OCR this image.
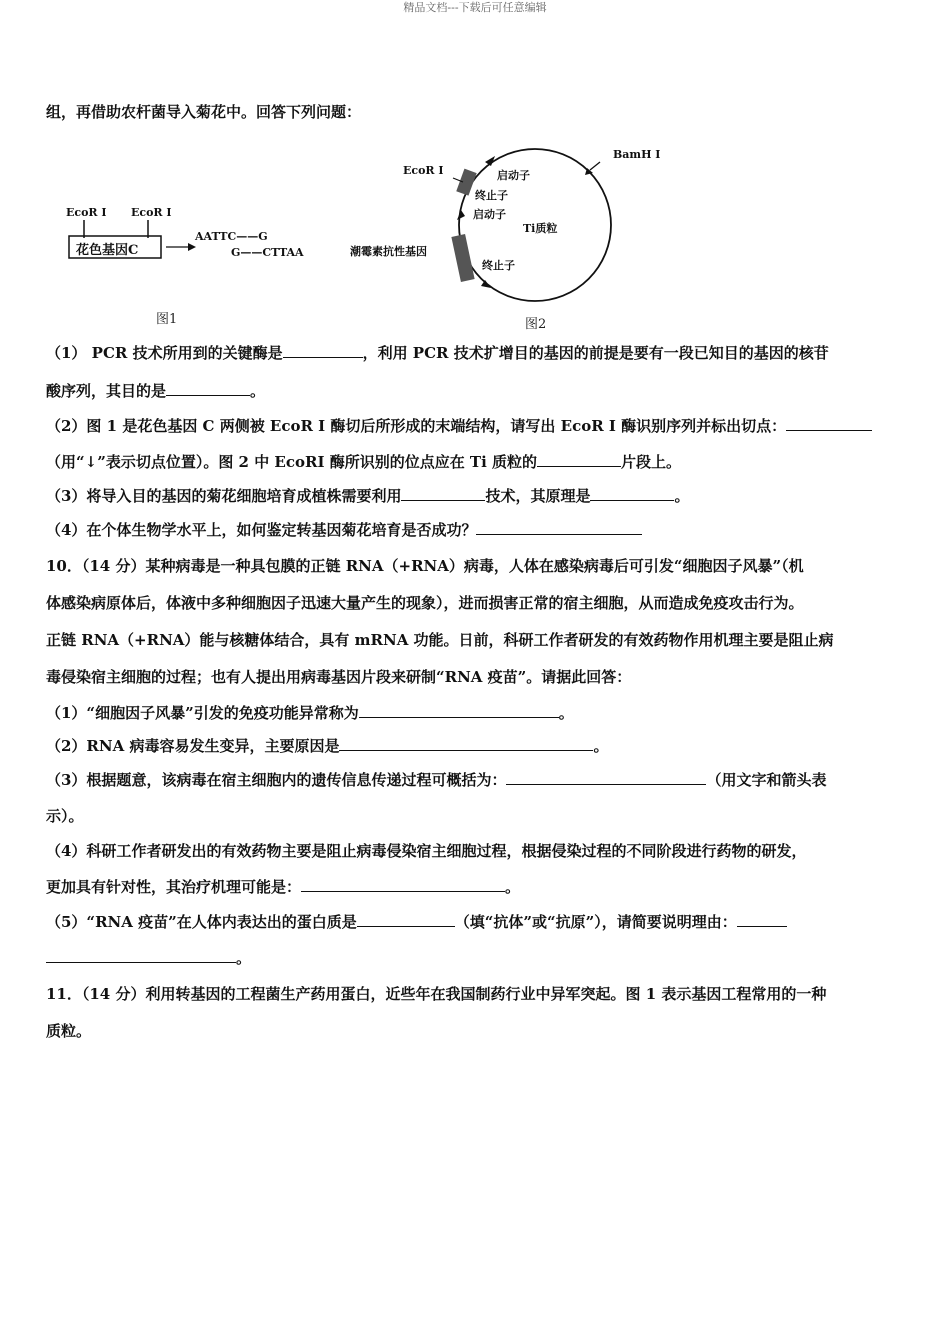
精品文档---下载后可任意编辑
组，再借助农杆菌导入菊花中。回答下列问题：
EcoR Ⅰ EcoR Ⅰ
花色基因C
AATTC——G
G——CTTAA
图1
EcoR Ⅰ
BamH Ⅰ
启动子
终止子
启动子
Ti质粒
潮霉素抗性基因
终止子
图2
（1） PCR 技术所用到的关键酶是	，利用 PCR 技术扩增目的基因的前提是要有一段已知目的基因的核苷
酸序列，其目的是	。
（2）图 1 是花色基因 C 两侧被 EcoR I 酶切后所形成的末端结构，请写出 EcoR I 酶识别序列并标出切点：
（用“↓”表示切点位置）。图 2 中 EcoRI 酶所识别的位点应在 Ti 质粒的	片段上。
（3）将导入目的基因的菊花细胞培育成植株需要利用	技术，其原理是	。
（4）在个体生物学水平上，如何鉴定转基因菊花培育是否成功？
10．（14 分）某种病毒是一种具包膜的正链 RNA（+RNA）病毒，人体在感染病毒后可引发“细胞因子风暴”（机
体感染病原体后，体液中多种细胞因子迅速大量产生的现象），进而损害正常的宿主细胞，从而造成免疫攻击行为。
正链 RNA（+RNA）能与核糖体结合，具有 mRNA 功能。日前，科研工作者研发的有效药物作用机理主要是阻止病
毒侵染宿主细胞的过程；也有人提出用病毒基因片段来研制“RNA 疫苗”。请据此回答：
（1）“细胞因子风暴”引发的免疫功能异常称为	。
（2）RNA 病毒容易发生变异，主要原因是	。
（3）根据题意，该病毒在宿主细胞内的遗传信息传递过程可概括为：	（用文字和箭头表
示）。
（4）科研工作者研发出的有效药物主要是阻止病毒侵染宿主细胞过程，根据侵染过程的不同阶段进行药物的研发，
更加具有针对性，其治疗机理可能是：	。
（5）“RNA 疫苗”在人体内表达出的蛋白质是	（填“抗体”或“抗原”），请简要说明理由：
。
11．（14 分）利用转基因的工程菌生产药用蛋白，近些年在我国制药行业中异军突起。图 1 表示基因工程常用的一种
质粒。
